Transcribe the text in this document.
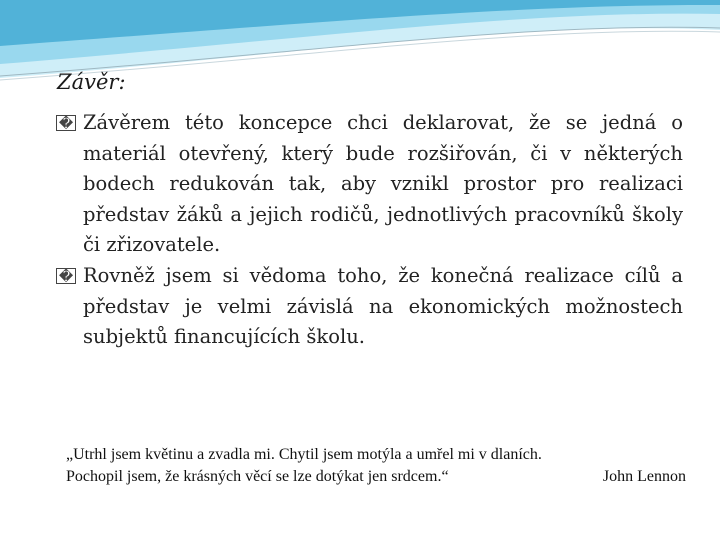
Závěr:

� Závěrem této koncepce chci deklarovat, že se jedná o materiál otevřený, který bude rozšiřován, či v některých bodech redukován tak, aby vznikl prostor pro realizaci představ žáků a jejich rodičů, jednotlivých pracovníků školy či zřizovatele.

� Rovněž jsem si vědoma toho, že konečná realizace cílů a představ je velmi závislá na ekonomických možnostech subjektů financujících školu.

„Utrhl jsem květinu a zvadla mi. Chytil jsem motýla a umřel mi v dlaních.
Pochopil jsem, že krásných věcí se lze dotýkat jen srdcem.“	John Lennon
